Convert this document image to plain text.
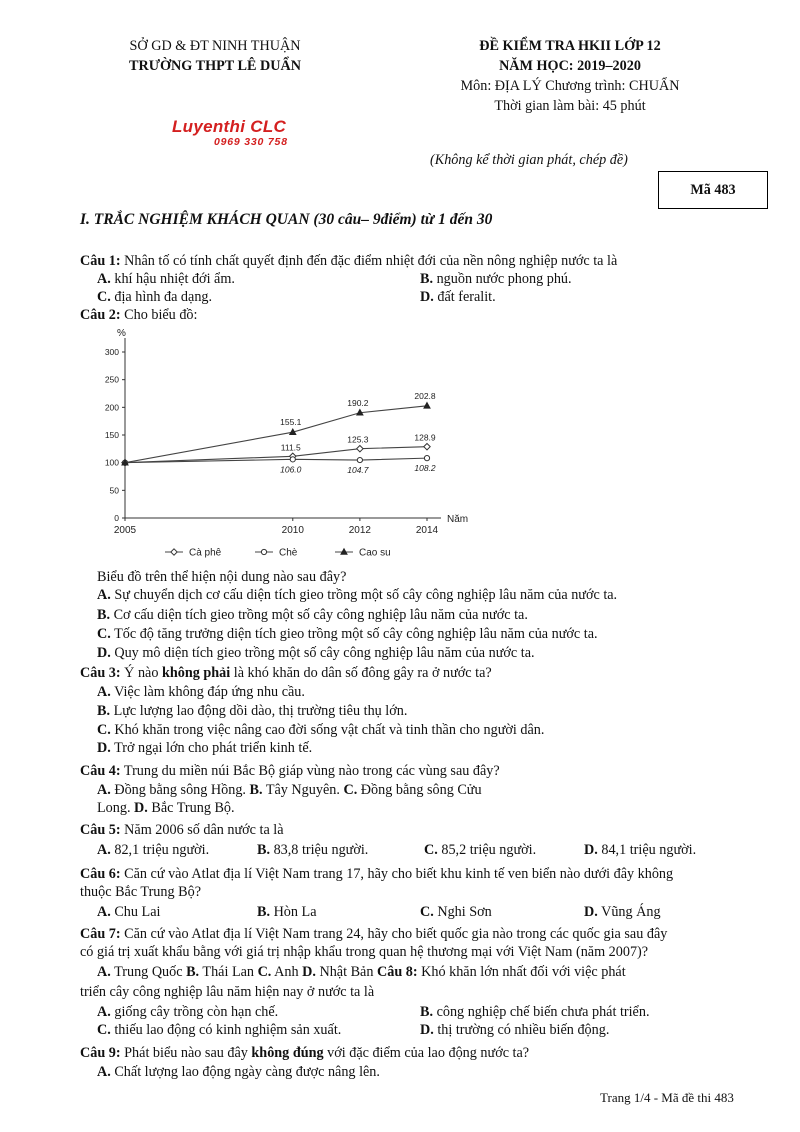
SỞ GD & ĐT NINH THUẬN
TRƯỜNG THPT LÊ DUẨN
ĐỀ KIỂM TRA HKII LỚP 12
NĂM HỌC: 2019–2020
Môn: ĐỊA LÝ Chương trình: CHUẨN
Thời gian làm bài: 45 phút
Luyenthi CLC
0969 330 758
(Không kể thời gian phát, chép đề)
Mã 483
I. TRẮC NGHIỆM KHÁCH QUAN (30 câu– 9điểm) từ 1 đến 30
Câu 1: Nhân tố có tính chất quyết định đến đặc điểm nhiệt đới của nền nông nghiệp nước ta là
A. khí hậu nhiệt đới ẩm.	B. nguồn nước phong phú.
C. địa hình đa dạng.	D. đất feralit.
Câu 2: Cho biểu đồ:
%
Năm
0
50
100
150
200
250
300
2005	2010	2012	2014
111.5
125.3	128.9
106.0	104.7	108.2
155.1
190.2
202.8
Cà phê	Chè	Cao su
Biểu đồ trên thể hiện nội dung nào sau đây?
A. Sự chuyển dịch cơ cấu diện tích gieo trồng một số cây công nghiệp lâu năm của nước ta.
B. Cơ cấu diện tích gieo trồng một số cây công nghiệp lâu năm của nước ta.
C. Tốc độ tăng trưởng diện tích gieo trồng một số cây công nghiệp lâu năm của nước ta.
D. Quy mô diện tích gieo trồng một số cây công nghiệp lâu năm của nước ta.
Câu 3: Ý nào không phải là khó khăn do dân số đông gây ra ở nước ta?
A. Việc làm không đáp ứng nhu cầu.
B. Lực lượng lao động dồi dào, thị trường tiêu thụ lớn.
C. Khó khăn trong việc nâng cao đời sống vật chất và tinh thần cho người dân.
D. Trở ngại lớn cho phát triển kinh tế.
Câu 4: Trung du miền núi Bắc Bộ giáp vùng nào trong các vùng sau đây?
A. Đồng bằng sông Hồng. B. Tây Nguyên. C. Đồng bằng sông Cửu
Long. D. Bắc Trung Bộ.
Câu 5: Năm 2006 số dân nước ta là
A. 82,1 triệu người.	B. 83,8 triệu người.	C. 85,2 triệu người.	D. 84,1 triệu người.
Câu 6: Căn cứ vào Atlat địa lí Việt Nam trang 17, hãy cho biết khu kinh tế ven biển nào dưới đây không
thuộc Bắc Trung Bộ?
A. Chu Lai	B. Hòn La	C. Nghi Sơn	D. Vũng Áng
Câu 7: Căn cứ vào Atlat địa lí Việt Nam trang 24, hãy cho biết quốc gia nào trong các quốc gia sau đây
có giá trị xuất khẩu bằng với giá trị nhập khẩu trong quan hệ thương mại với Việt Nam (năm 2007)?
A. Trung Quốc B. Thái Lan C. Anh D. Nhật Bản Câu 8: Khó khăn lớn nhất đối với việc phát
triển cây công nghiệp lâu năm hiện nay ở nước ta là
A. giống cây trồng còn hạn chế.	B. công nghiệp chế biến chưa phát triển.
C. thiếu lao động có kinh nghiệm sản xuất.	D. thị trường có nhiều biến động.
Câu 9: Phát biểu nào sau đây không đúng với đặc điểm của lao động nước ta?
A. Chất lượng lao động ngày càng được nâng lên.
Trang 1/4 - Mã đề thi 483
